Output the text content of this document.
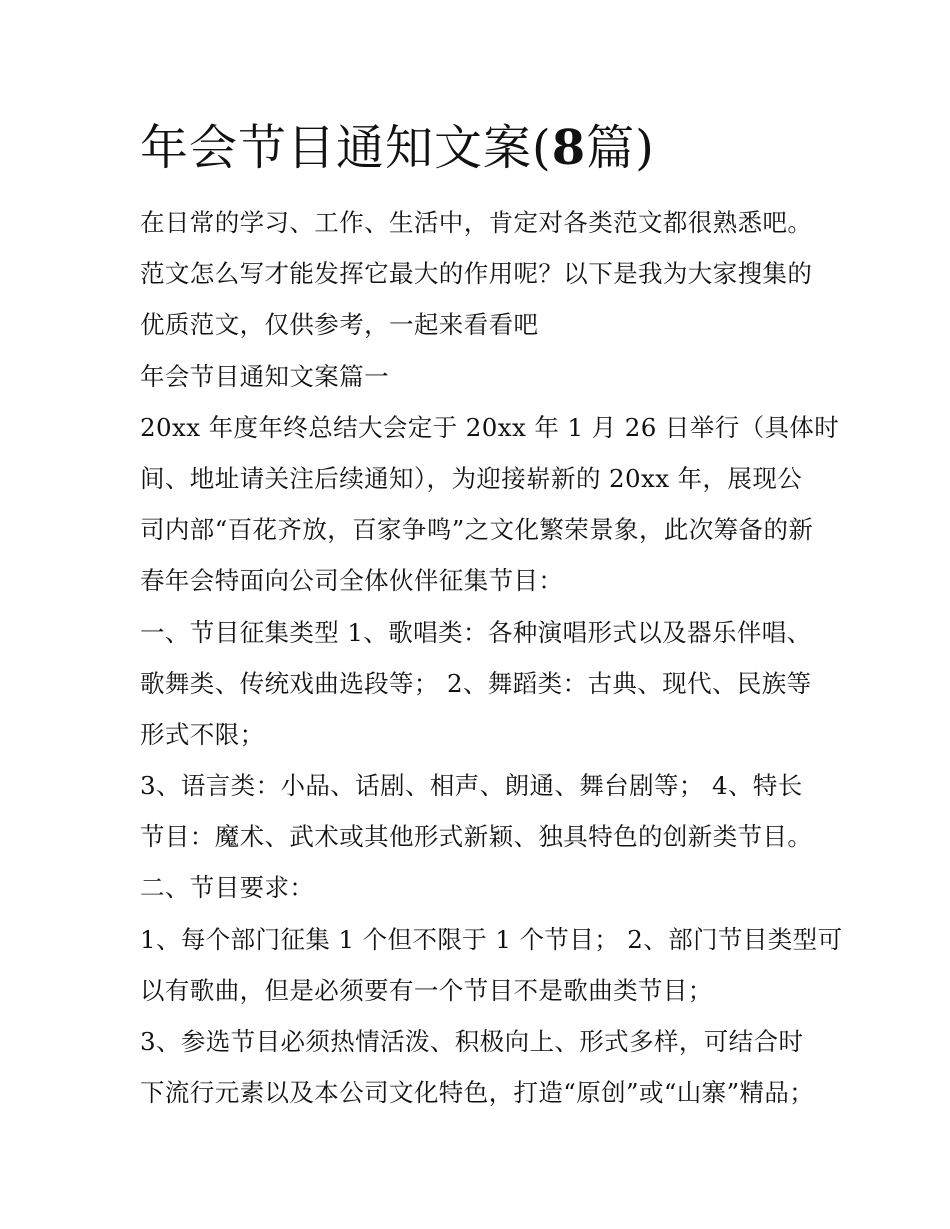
年会节目通知文案(8篇)
在日常的学习、工作、生活中，肯定对各类范文都很熟悉吧。
范文怎么写才能发挥它最大的作用呢？以下是我为大家搜集的
优质范文，仅供参考，一起来看看吧
年会节目通知文案篇一
20xx 年度年终总结大会定于 20xx 年 1 月 26 日举行（具体时
间、地址请关注后续通知），为迎接崭新的 20xx 年，展现公
司内部“百花齐放，百家争鸣”之文化繁荣景象，此次筹备的新
春年会特面向公司全体伙伴征集节目：
一、节目征集类型 1、歌唱类：各种演唱形式以及器乐伴唱、
歌舞类、传统戏曲选段等； 2、舞蹈类：古典、现代、民族等
形式不限；
3、语言类：小品、话剧、相声、朗通、舞台剧等； 4、特长
节目：魔术、武术或其他形式新颖、独具特色的创新类节目。
二、节目要求：
1、每个部门征集 1 个但不限于 1 个节目； 2、部门节目类型可
以有歌曲，但是必须要有一个节目不是歌曲类节目；
3、参选节目必须热情活泼、积极向上、形式多样，可结合时
下流行元素以及本公司文化特色，打造“原创”或“山寨”精品；
